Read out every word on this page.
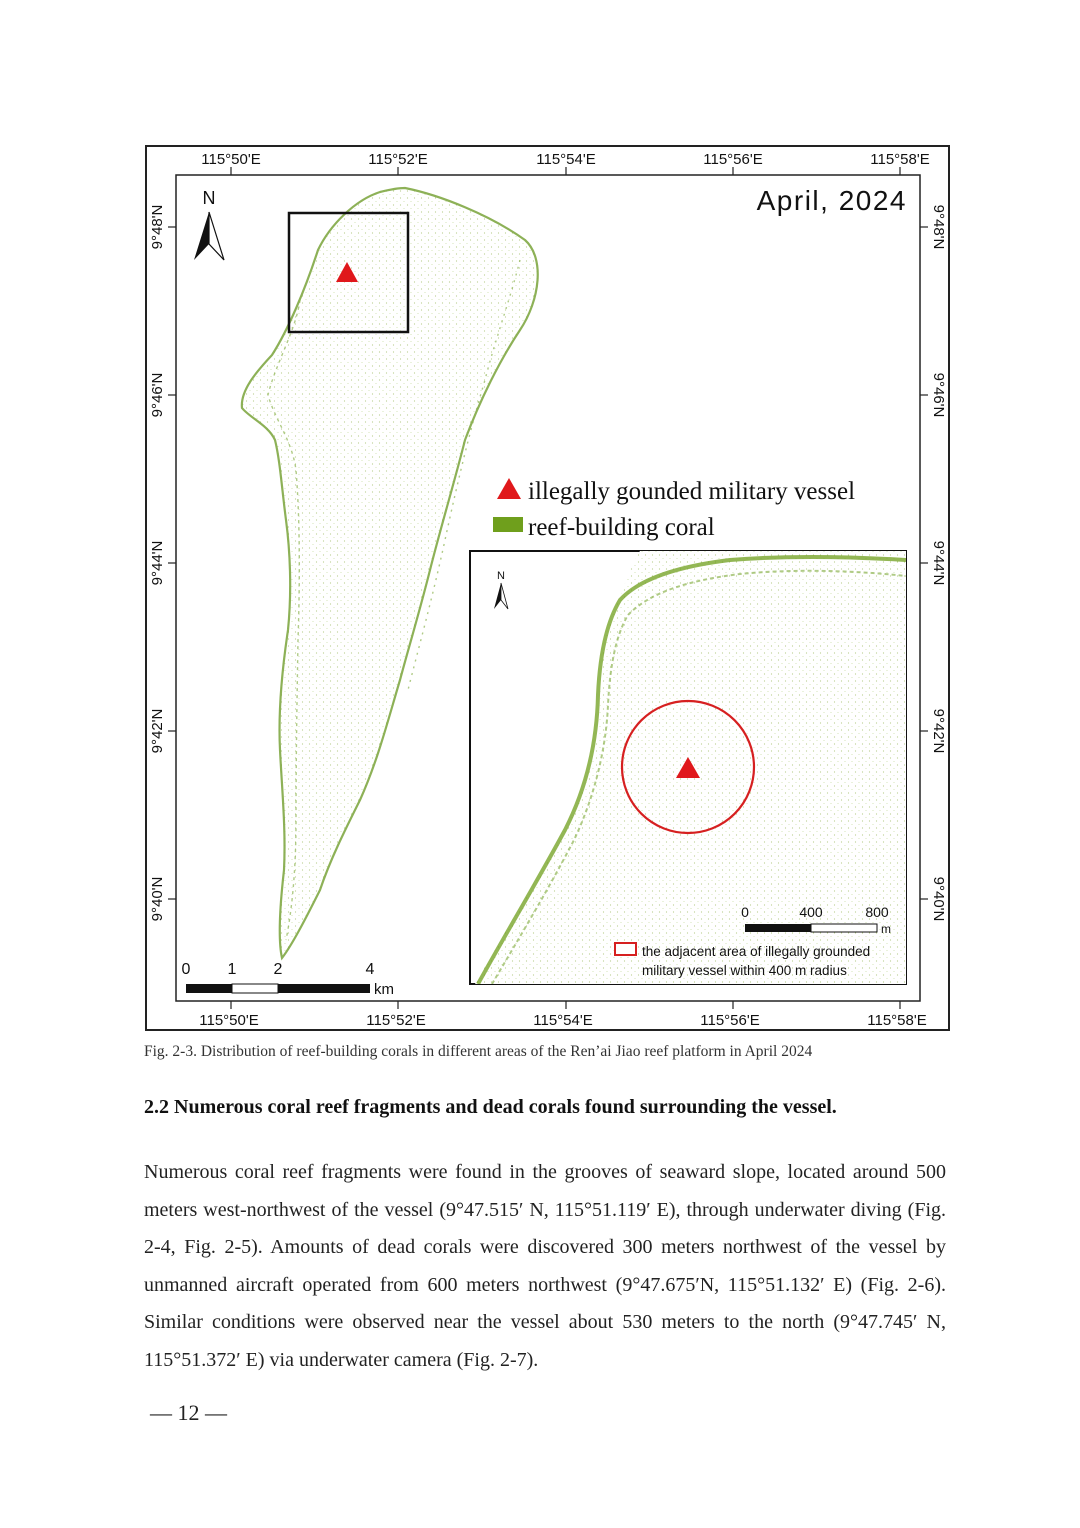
115°50'E	115°52'E	115°54'E	115°56'E	115°58'E
115°50'E	115°52'E	115°54'E	115°56'E	115°58'E
9°48'N
9°46'N
9°44'N
9°42'N
9°40'N
9°48'N
9°46'N
9°44'N
9°42'N
9°40'N
N	April, 2024
illegally gounded military vessel
reef-building coral
0 1 2	4
km
N
0	400	800
m
the adjacent area of illegally grounded
military vessel within 400 m radius
Fig. 2-3. Distribution of reef-building corals in different areas of the Ren’ai Jiao reef platform in April 2024
2.2 Numerous coral reef fragments and dead corals found surrounding the vessel.
Numerous coral reef fragments were found in the grooves of seaward slope, located around 500 meters west-northwest of the vessel (9°47.515′ N, 115°51.119′ E), through underwater diving (Fig. 2-4, Fig. 2-5). Amounts of dead corals were discovered 300 meters northwest of the vessel by unmanned aircraft operated from 600 meters northwest (9°47.675′N, 115°51.132′ E) (Fig. 2-6). Similar conditions were observed near the vessel about 530 meters to the north (9°47.745′ N, 115°51.372′ E) via underwater camera (Fig. 2-7).
— 12 —
